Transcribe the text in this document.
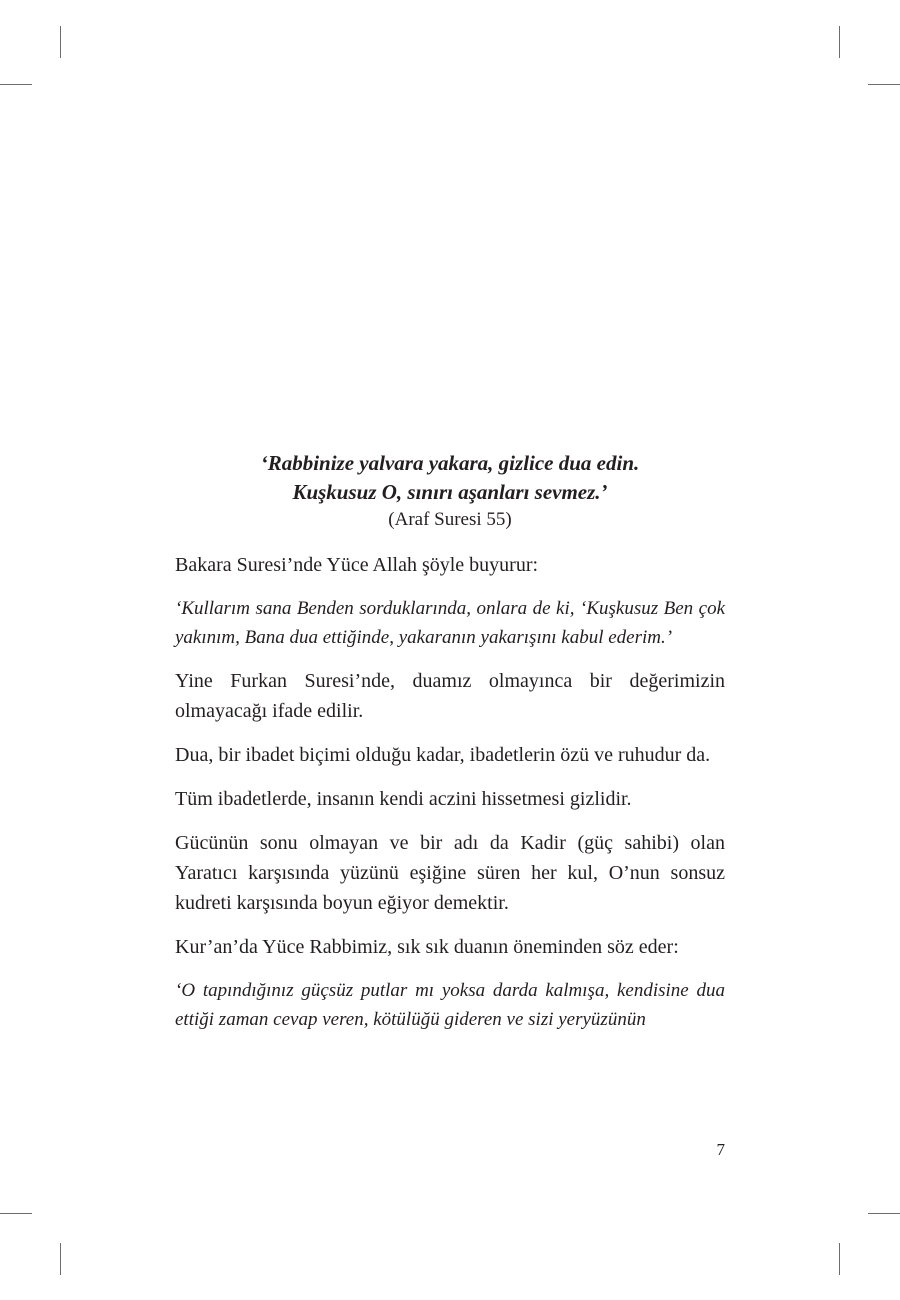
‘Rabbinize yalvara yakara, gizlice dua edin.
Kuşkusuz O, sınırı aşanları sevmez.’
(Araf Suresi 55)

Bakara Suresi’nde Yüce Allah şöyle buyurur:

‘Kullarım sana Benden sorduklarında, onlara de ki, ‘Kuşkusuz Ben çok yakınım, Bana dua ettiğinde, yakaranın yakarışını kabul ederim.’

Yine Furkan Suresi’nde, duamız olmayınca bir değerimizin olmayacağı ifade edilir.

Dua, bir ibadet biçimi olduğu kadar, ibadetlerin özü ve ruhudur da.

Tüm ibadetlerde, insanın kendi aczini hissetmesi gizlidir.

Gücünün sonu olmayan ve bir adı da Kadir (güç sahibi) olan Yaratıcı karşısında yüzünü eşiğine süren her kul, O’nun sonsuz kudreti karşısında boyun eğiyor demektir.

Kur’an’da Yüce Rabbimiz, sık sık duanın öneminden söz eder:

‘O tapındığınız güçsüz putlar mı yoksa darda kalmışa, kendisine dua ettiği zaman cevap veren, kötülüğü gideren ve sizi yeryüzünün

7
